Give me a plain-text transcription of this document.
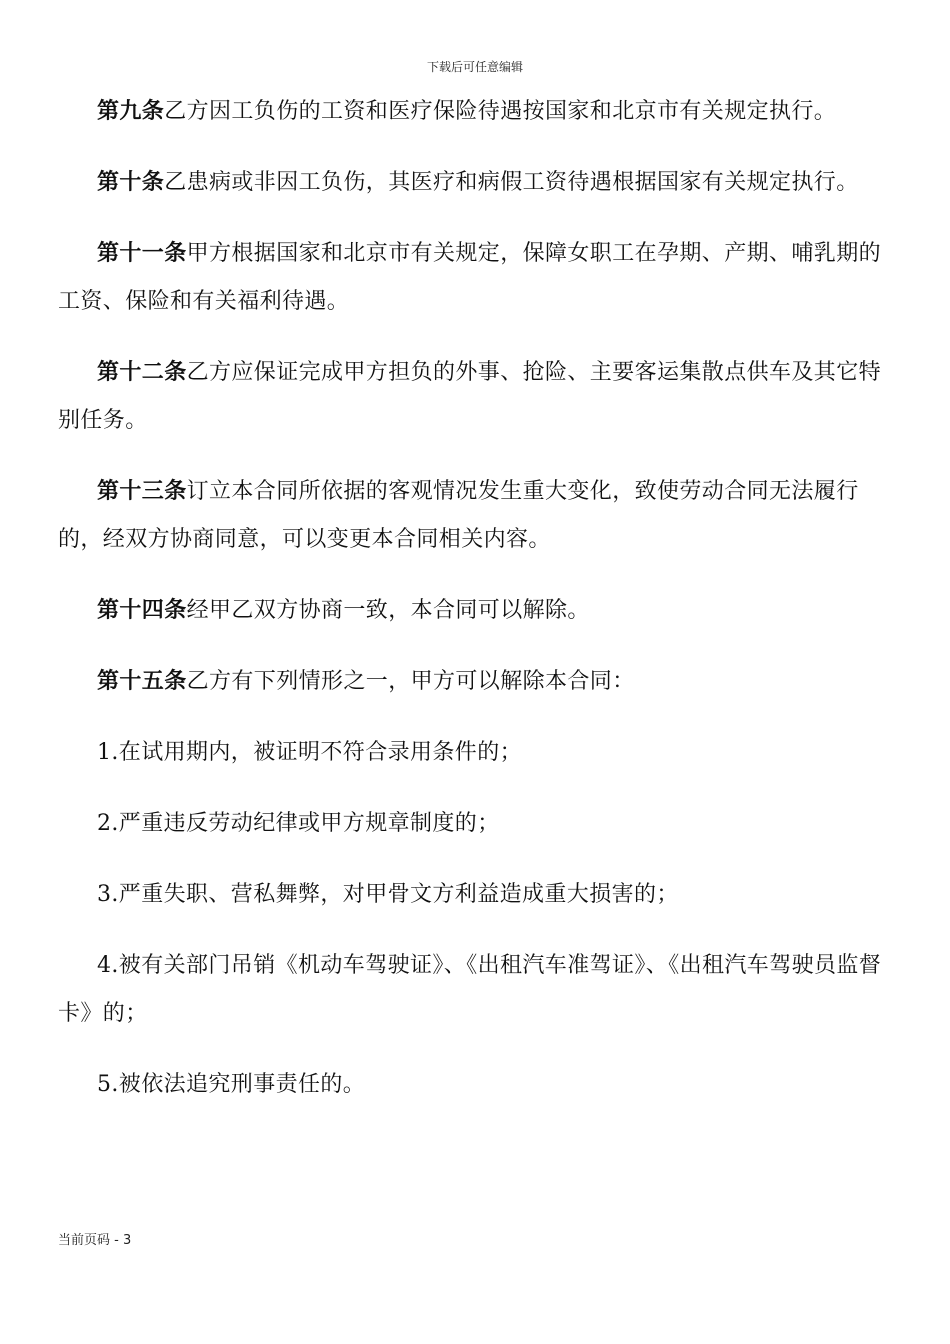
下载后可任意编辑

第九条乙方因工负伤的工资和医疗保险待遇按国家和北京市有关规定执行。

第十条乙患病或非因工负伤，其医疗和病假工资待遇根据国家有关规定执行。

第十一条甲方根据国家和北京市有关规定，保障女职工在孕期、产期、哺乳期的工资、保险和有关福利待遇。

第十二条乙方应保证完成甲方担负的外事、抢险、主要客运集散点供车及其它特别任务。

第十三条订立本合同所依据的客观情况发生重大变化，致使劳动合同无法履行的，经双方协商同意，可以变更本合同相关内容。

第十四条经甲乙双方协商一致，本合同可以解除。

第十五条乙方有下列情形之一，甲方可以解除本合同：

1.在试用期内，被证明不符合录用条件的；

2.严重违反劳动纪律或甲方规章制度的；

3.严重失职、营私舞弊，对甲骨文方利益造成重大损害的；

4.被有关部门吊销《机动车驾驶证》、《出租汽车准驾证》、《出租汽车驾驶员监督卡》的；

5.被依法追究刑事责任的。

当前页码 - 3
